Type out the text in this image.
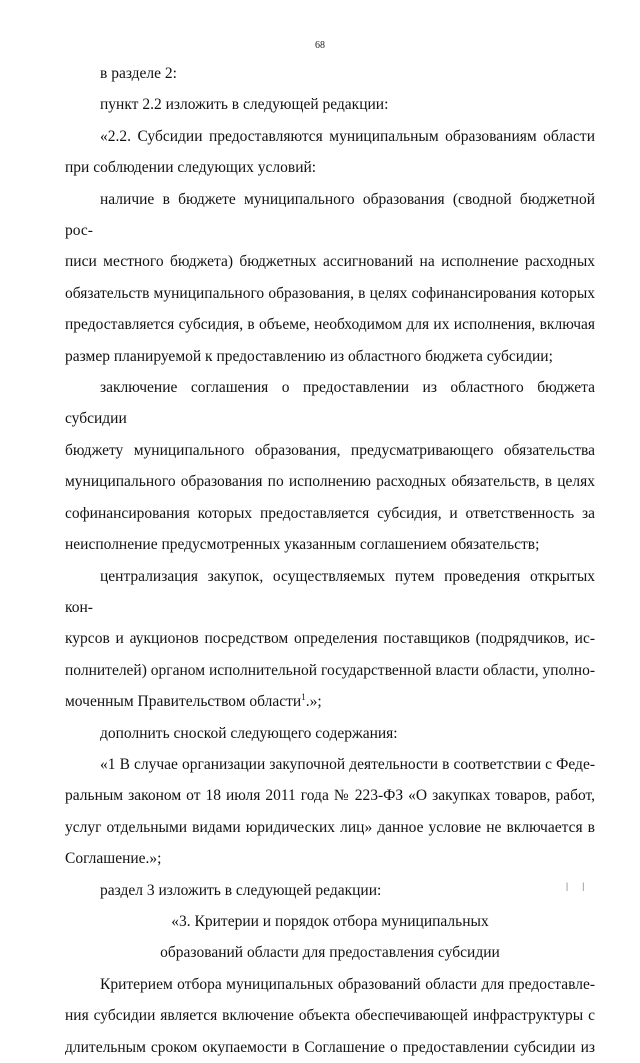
68

в разделе 2:

пункт 2.2 изложить в следующей редакции:

«2.2. Субсидии предоставляются муниципальным образованиям области

при соблюдении следующих условий:

наличие в бюджете муниципального образования (сводной бюджетной рос-

писи местного бюджета) бюджетных ассигнований на исполнение расходных

обязательств муниципального образования, в целях софинансирования которых

предоставляется субсидия, в объеме, необходимом для их исполнения, включая

размер планируемой к предоставлению из областного бюджета субсидии;

заключение соглашения о предоставлении из областного бюджета субсидии

бюджету муниципального образования, предусматривающего обязательства

муниципального образования по исполнению расходных обязательств, в целях

софинансирования которых предоставляется субсидия, и ответственность за

неисполнение предусмотренных указанным соглашением обязательств;

централизация закупок, осуществляемых путем проведения открытых кон-

курсов и аукционов посредством определения поставщиков (подрядчиков, ис-

полнителей) органом исполнительной государственной власти области, уполно-

моченным Правительством области$^1$.»;

дополнить сноской следующего содержания:

«1 В случае организации закупочной деятельности в соответствии с Феде-

ральным законом от 18 июля 2011 года № 223-ФЗ «О закупках товаров, работ,

услуг отдельными видами юридических лиц» данное условие не включается в

Соглашение.»;

раздел 3 изложить в следующей редакции:

«3. Критерии и порядок отбора муниципальных

образований области для предоставления субсидии

Критерием отбора муниципальных образований области для предоставле-

ния субсидии является включение объекта обеспечивающей инфраструктуры с

длительным сроком окупаемости в Соглашение о предоставлении субсидии из

| |
